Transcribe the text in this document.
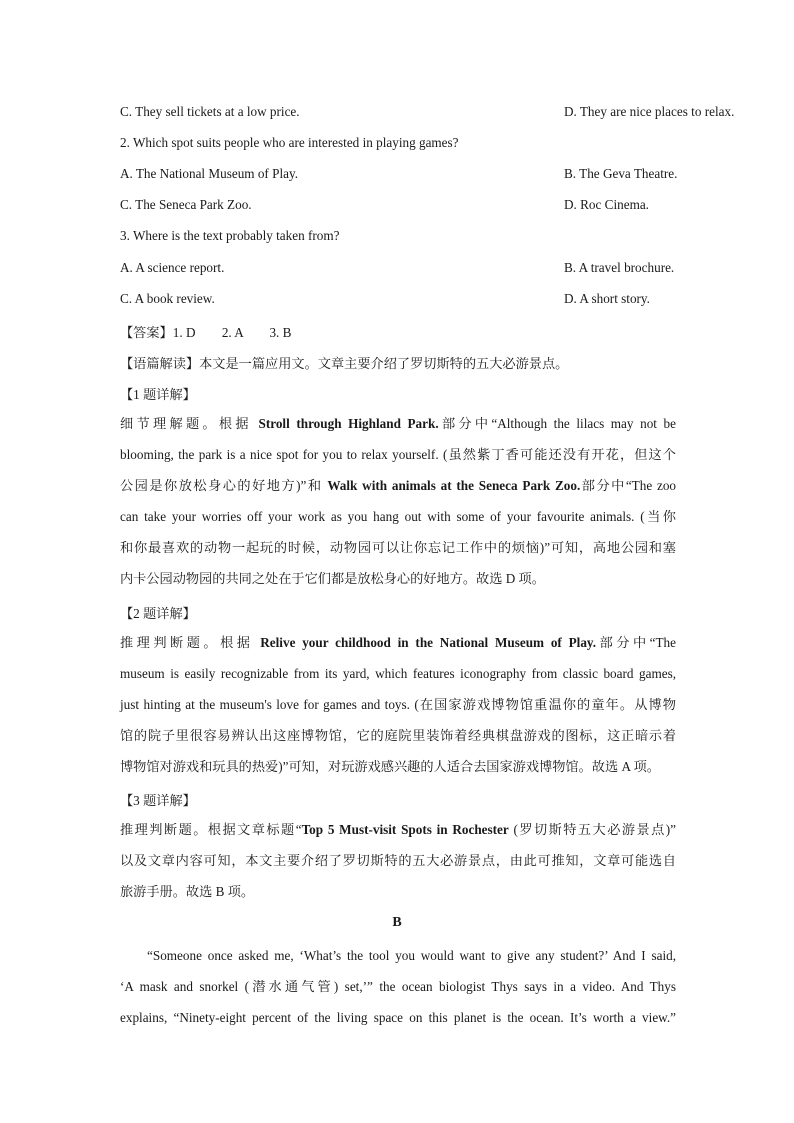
C. They sell tickets at a low price.	D. They are nice places to relax.
2. Which spot suits people who are interested in playing games?
A. The National Museum of Play.	B. The Geva Theatre.
C. The Seneca Park Zoo.	D. Roc Cinema.
3. Where is the text probably taken from?
A. A science report.	B. A travel brochure.
C. A book review.	D. A short story.
【答案】1. D        2. A        3. B
【语篇解读】本文是一篇应用文。文章主要介绍了罗切斯特的五大必游景点。
【1 题详解】
细节理解题。根据 Stroll through Highland Park.部分中“Although the lilacs may not be
blooming, the park is a nice spot for you to relax yourself. (虽然紫丁香可能还没有开花，但这个
公园是你放松身心的好地方)”和 Walk with animals at the Seneca Park Zoo.部分中“The zoo
can take your worries off your work as you hang out with some of your favourite animals. (当你
和你最喜欢的动物一起玩的时候，动物园可以让你忘记工作中的烦恼)”可知，高地公园和塞
内卡公园动物园的共同之处在于它们都是放松身心的好地方。故选 D 项。
【2 题详解】
推理判断题。根据 Relive your childhood in the National Museum of Play.部分中“The
museum is easily recognizable from its yard, which features iconography from classic board games,
just hinting at the museum's love for games and toys. (在国家游戏博物馆重温你的童年。从博物
馆的院子里很容易辨认出这座博物馆，它的庭院里装饰着经典棋盘游戏的图标，这正暗示着
博物馆对游戏和玩具的热爱)”可知，对玩游戏感兴趣的人适合去国家游戏博物馆。故选 A 项。
【3 题详解】
推理判断题。根据文章标题“Top 5 Must-visit Spots in Rochester (罗切斯特五大必游景点)”
以及文章内容可知，本文主要介绍了罗切斯特的五大必游景点，由此可推知，文章可能选自
旅游手册。故选 B 项。
B
“Someone once asked me, ‘What’s the tool you would want to give any student?’ And I said,
‘A mask and snorkel (潜水通气管) set,’” the ocean biologist Thys says in a video. And Thys
explains, “Ninety-eight percent of the living space on this planet is the ocean. It’s worth a view.”
